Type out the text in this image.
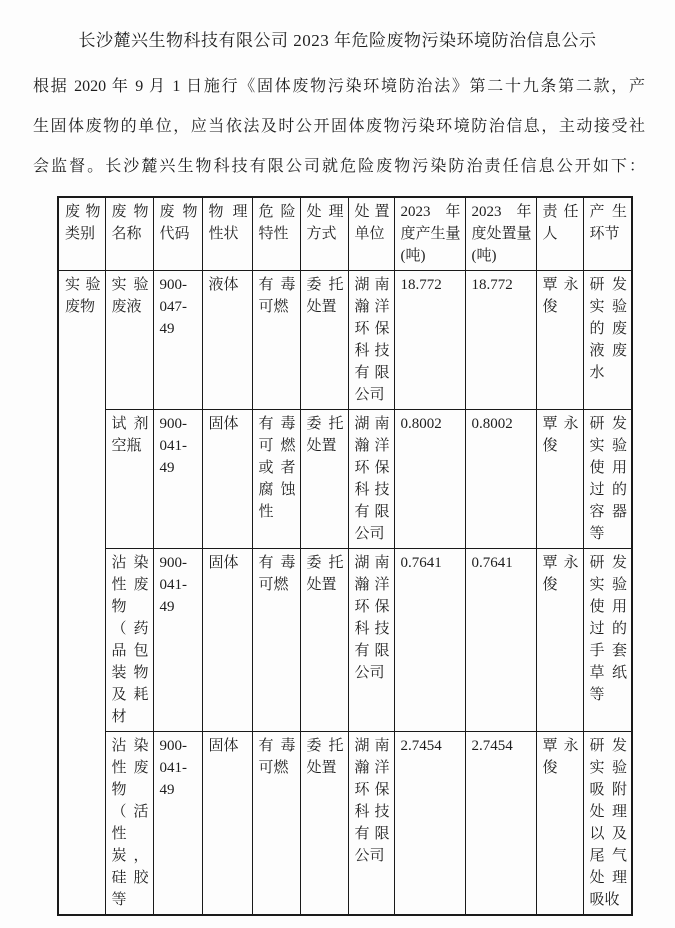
长沙麓兴生物科技有限公司 2023 年危险废物污染环境防治信息公示
根据 2020 年 9 月 1 日施行《固体废物污染环境防治法》第二十九条第二款，产
生固体废物的单位，应当依法及时公开固体废物污染环境防治信息，主动接受社
会监督。长沙麓兴生物科技有限公司就危险废物污染防治责任信息公开如下：
废物类别	废物名称	废物代码	物理性状	危险特性	处理方式	处置单位	2023 年度产生量 (吨)	2023 年度处置量 (吨)	责任人	产生环节
实验废物	实验废液	900-047-49	液体	有毒可燃	委托处置	湖南瀚洋环保科技有限公司	18.772	18.772	覃永俊	研发实验的废液废水
	试剂空瓶	900-041-49	固体	有毒可燃或者腐蚀性	委托处置	湖南瀚洋环保科技有限公司	0.8002	0.8002	覃永俊	研发实验使用过的容器等
	沾染性废物（药品包装物及耗材	900-041-49	固体	有毒可燃	委托处置	湖南瀚洋环保科技有限公司	0.7641	0.7641	覃永俊	研发实验使用过的手套草纸等
	沾染性废物（活性炭，硅胶等	900-041-49	固体	有毒可燃	委托处置	湖南瀚洋环保科技有限公司	2.7454	2.7454	覃永俊	研发实验吸附处理以及尾气处理吸收
